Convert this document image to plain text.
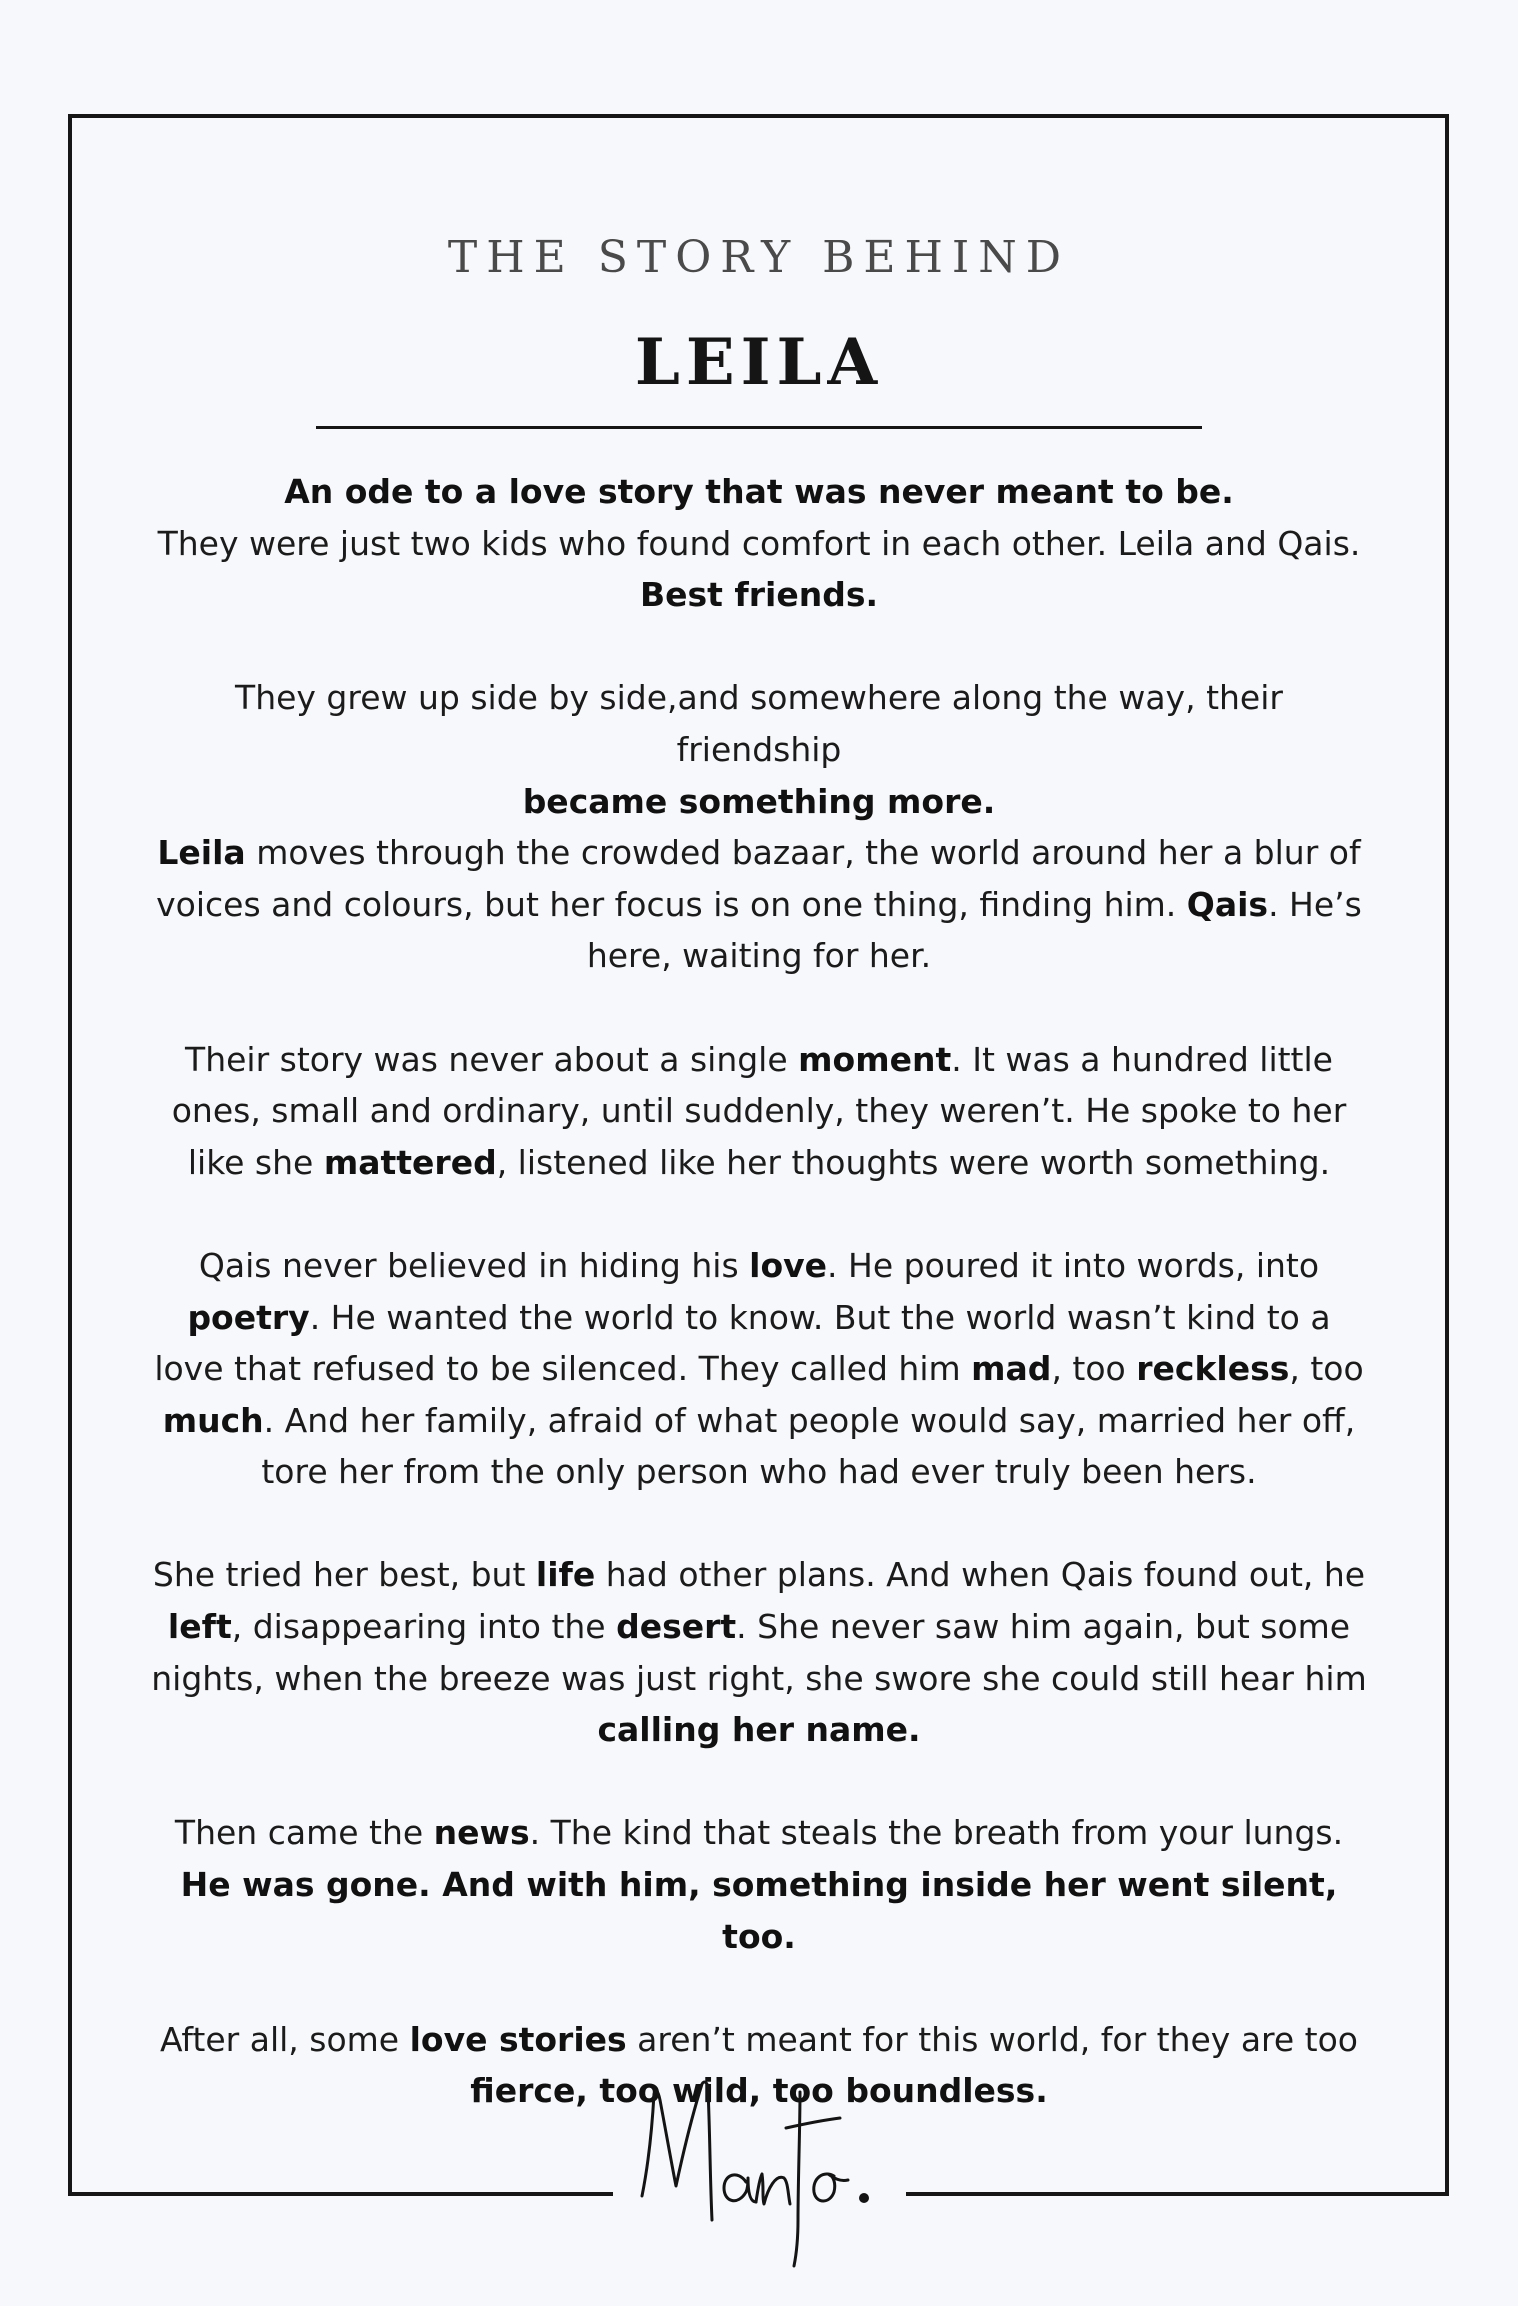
THE STORY BEHIND
LEILA

An ode to a love story that was never meant to be.
They were just two kids who found comfort in each other. Leila and Qais.
Best friends.

They grew up side by side,and somewhere along the way, their friendship
became something more.
Leila moves through the crowded bazaar, the world around her a blur of voices and colours, but her focus is on one thing, finding him. Qais. He’s here, waiting for her.

Their story was never about a single moment. It was a hundred little ones, small and ordinary, until suddenly, they weren’t. He spoke to her like she mattered, listened like her thoughts were worth something.

Qais never believed in hiding his love. He poured it into words, into poetry. He wanted the world to know. But the world wasn’t kind to a love that refused to be silenced. They called him mad, too reckless, too much. And her family, afraid of what people would say, married her off, tore her from the only person who had ever truly been hers.

She tried her best, but life had other plans. And when Qais found out, he left, disappearing into the desert. She never saw him again, but some nights, when the breeze was just right, she swore she could still hear him calling her name.

Then came the news. The kind that steals the breath from your lungs.
He was gone. And with him, something inside her went silent, too.

After all, some love stories aren’t meant for this world, for they are too
fierce, too wild, too boundless.
